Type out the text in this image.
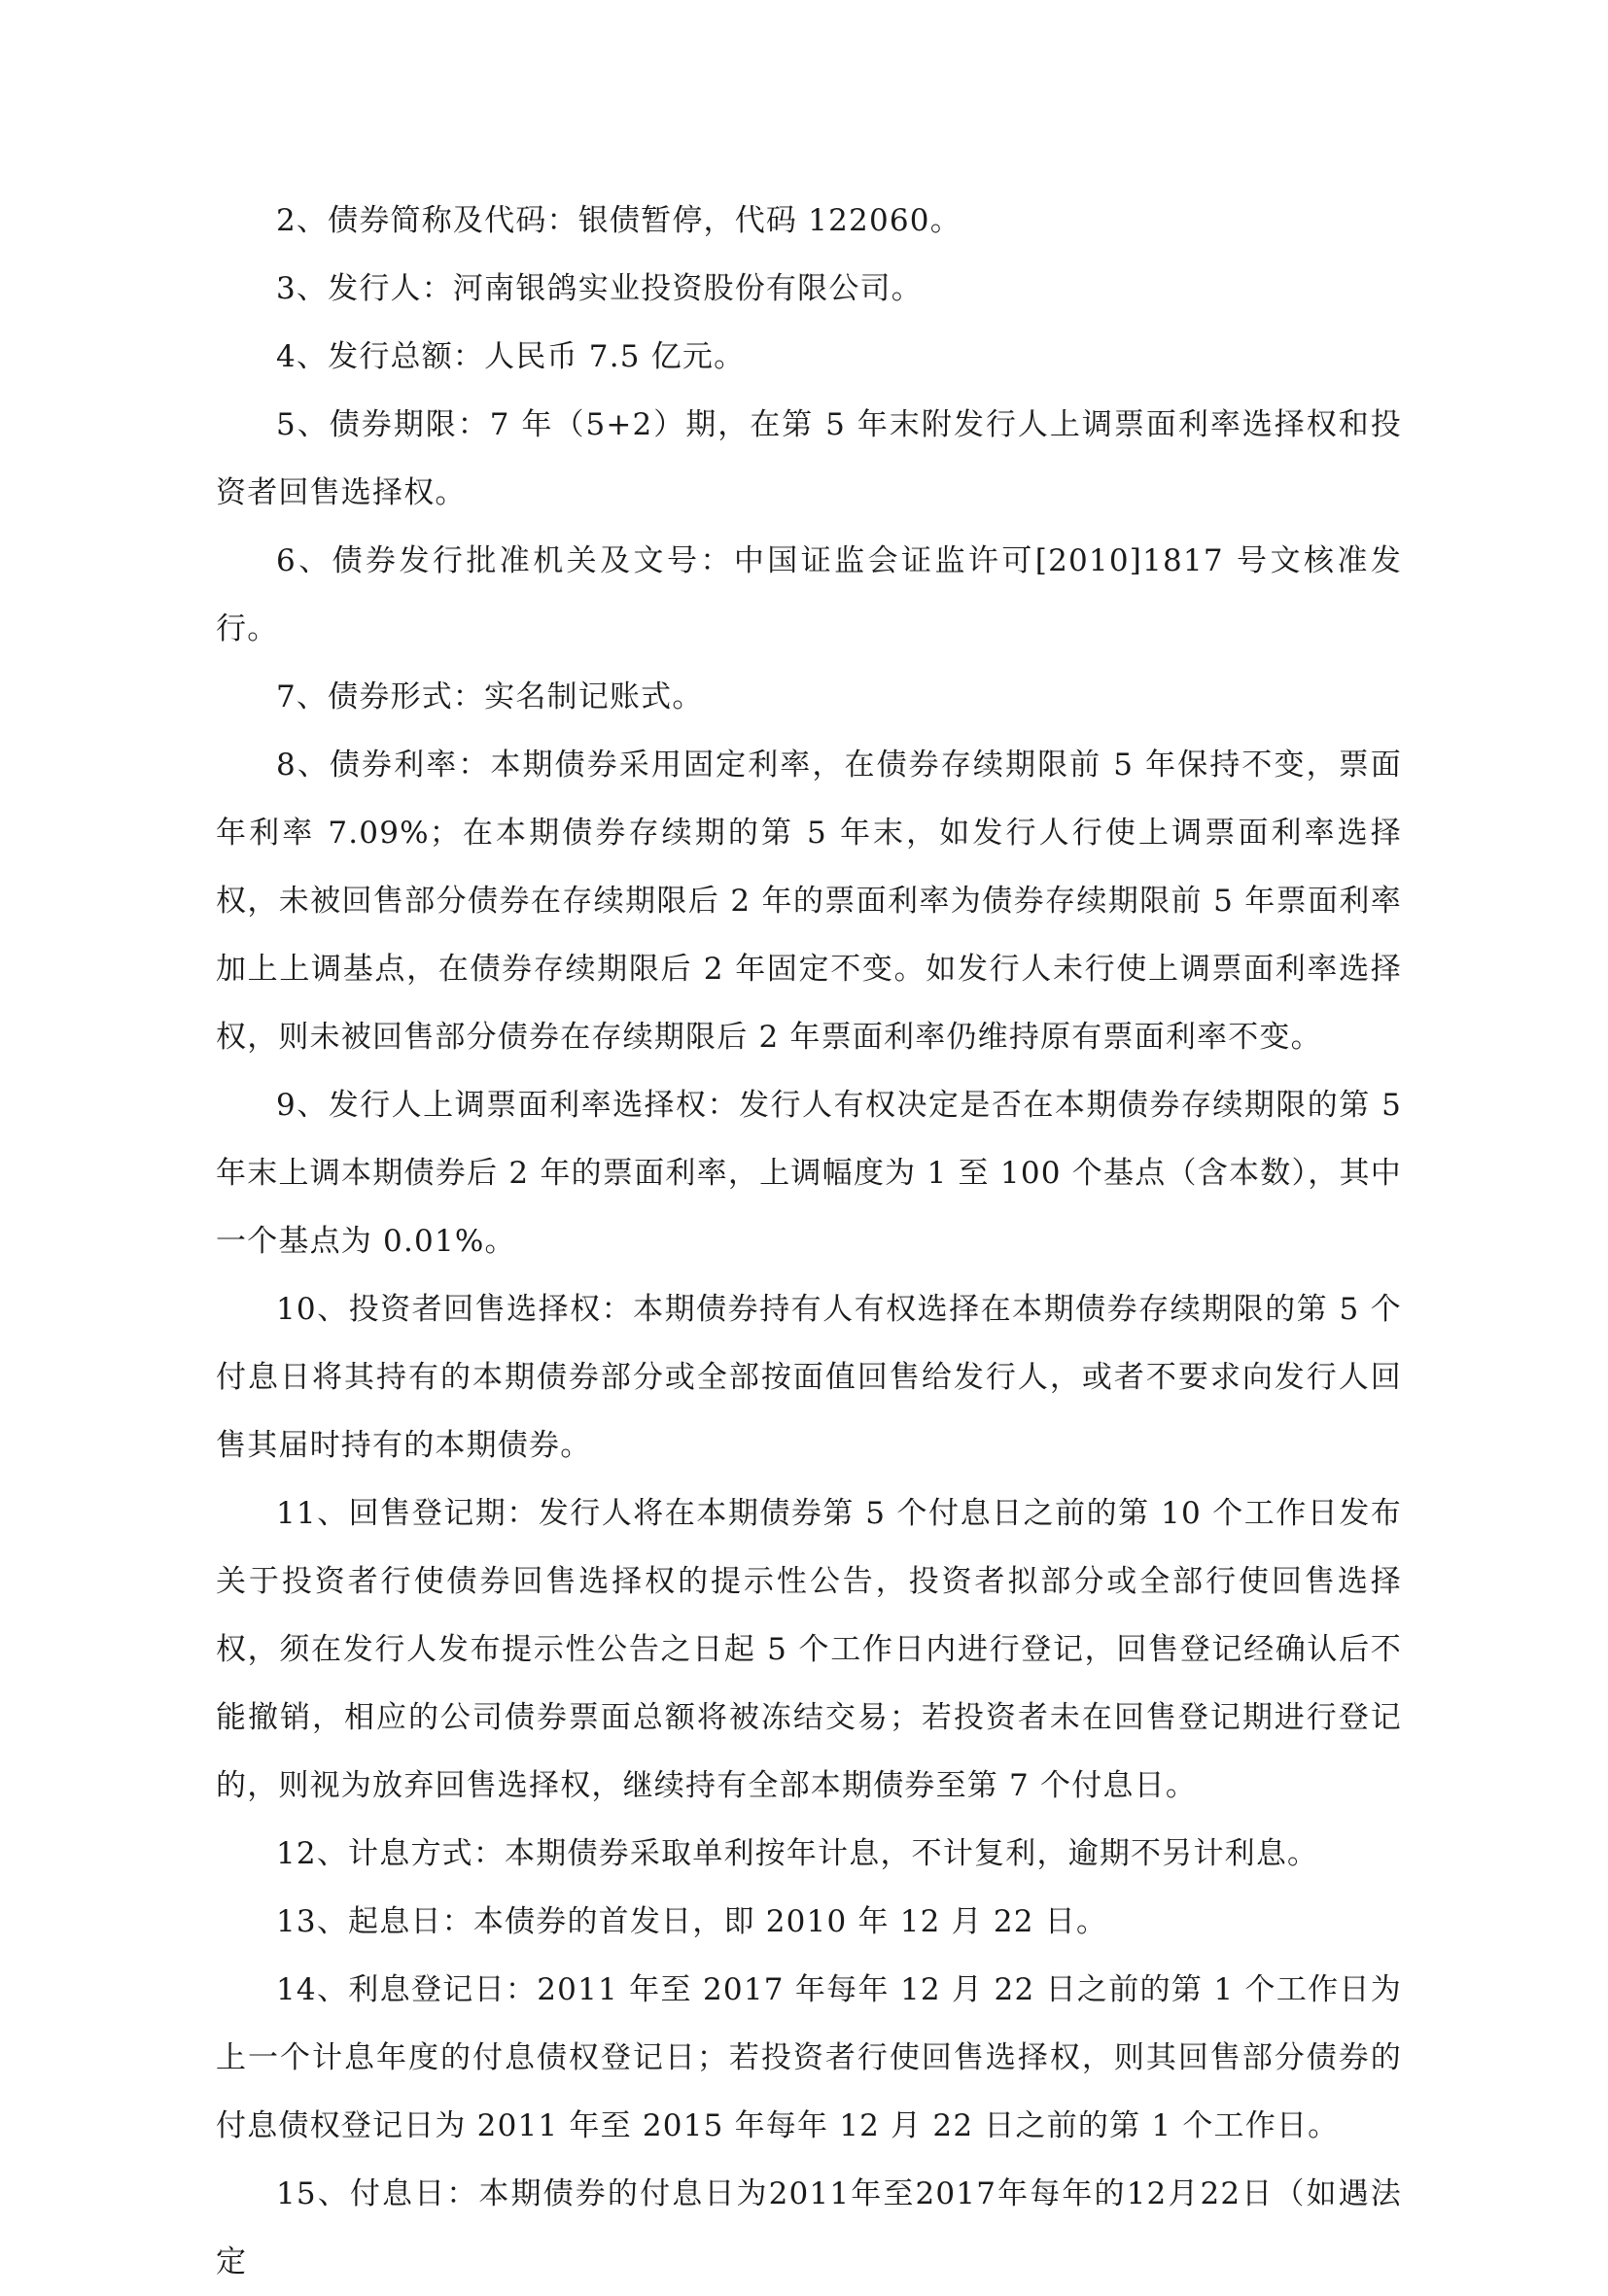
2、债券简称及代码：银债暂停，代码 122060。

3、发行人：河南银鸽实业投资股份有限公司。

4、发行总额：人民币 7.5 亿元。

5、债券期限：7 年（5+2）期，在第 5 年末附发行人上调票面利率选择权和投资者回售选择权。

6、债券发行批准机关及文号：中国证监会证监许可[2010]1817 号文核准发行。

7、债券形式：实名制记账式。

8、债券利率：本期债券采用固定利率，在债券存续期限前 5 年保持不变，票面年利率 7.09%；在本期债券存续期的第 5 年末，如发行人行使上调票面利率选择权，未被回售部分债券在存续期限后 2 年的票面利率为债券存续期限前 5 年票面利率加上上调基点，在债券存续期限后 2 年固定不变。如发行人未行使上调票面利率选择权，则未被回售部分债券在存续期限后 2 年票面利率仍维持原有票面利率不变。

9、发行人上调票面利率选择权：发行人有权决定是否在本期债券存续期限的第 5 年末上调本期债券后 2 年的票面利率，上调幅度为 1 至 100 个基点（含本数），其中一个基点为 0.01%。

10、投资者回售选择权：本期债券持有人有权选择在本期债券存续期限的第 5 个付息日将其持有的本期债券部分或全部按面值回售给发行人，或者不要求向发行人回售其届时持有的本期债券。

11、回售登记期：发行人将在本期债券第 5 个付息日之前的第 10 个工作日发布关于投资者行使债券回售选择权的提示性公告，投资者拟部分或全部行使回售选择权，须在发行人发布提示性公告之日起 5 个工作日内进行登记，回售登记经确认后不能撤销，相应的公司债券票面总额将被冻结交易；若投资者未在回售登记期进行登记的，则视为放弃回售选择权，继续持有全部本期债券至第 7 个付息日。

12、计息方式：本期债券采取单利按年计息，不计复利，逾期不另计利息。

13、起息日：本债券的首发日，即 2010 年 12 月 22 日。

14、利息登记日：2011 年至 2017 年每年 12 月 22 日之前的第 1 个工作日为上一个计息年度的付息债权登记日；若投资者行使回售选择权，则其回售部分债券的付息债权登记日为 2011 年至 2015 年每年 12 月 22 日之前的第 1 个工作日。

15、付息日：本期债券的付息日为2011年至2017年每年的12月22日（如遇法定
